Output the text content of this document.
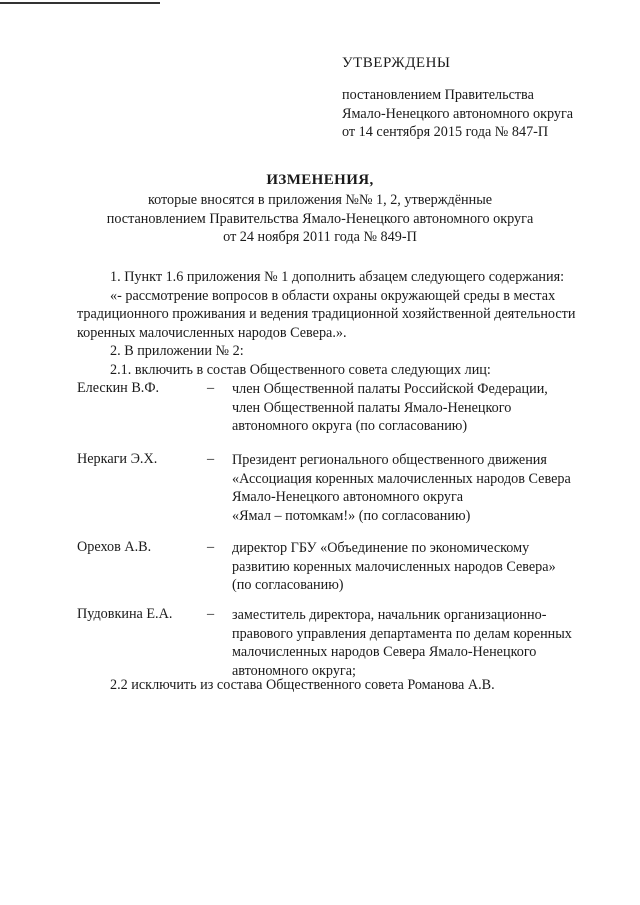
УТВЕРЖДЕНЫ
постановлением Правительства
Ямало-Ненецкого автономного округа
от 14 сентября 2015 года № 847-П
ИЗМЕНЕНИЯ,
которые вносятся в приложения №№ 1, 2, утверждённые
постановлением Правительства Ямало-Ненецкого автономного округа
от 24 ноября 2011 года № 849-П
1. Пункт 1.6 приложения № 1 дополнить абзацем следующего содержания:
«- рассмотрение вопросов в области охраны окружающей среды в местах
традиционного проживания и ведения традиционной хозяйственной деятельности
коренных малочисленных народов Севера.».
2. В приложении № 2:
2.1. включить в состав Общественного совета следующих лиц:
Елескин В.Ф.	–	член Общественной палаты Российской Федерации,
член Общественной палаты Ямало-Ненецкого
автономного округа (по согласованию)
Неркаги Э.Х.	–	Президент регионального общественного движения
«Ассоциация коренных малочисленных народов Севера
Ямало-Ненецкого автономного округа
«Ямал – потомкам!» (по согласованию)
Орехов А.В.	–	директор ГБУ «Объединение по экономическому
развитию коренных малочисленных народов Севера»
(по согласованию)
Пудовкина Е.А.	–	заместитель директора, начальник организационно-
правового управления департамента по делам коренных
малочисленных народов Севера Ямало-Ненецкого
автономного округа;
2.2 исключить из состава Общественного совета Романова А.В.
